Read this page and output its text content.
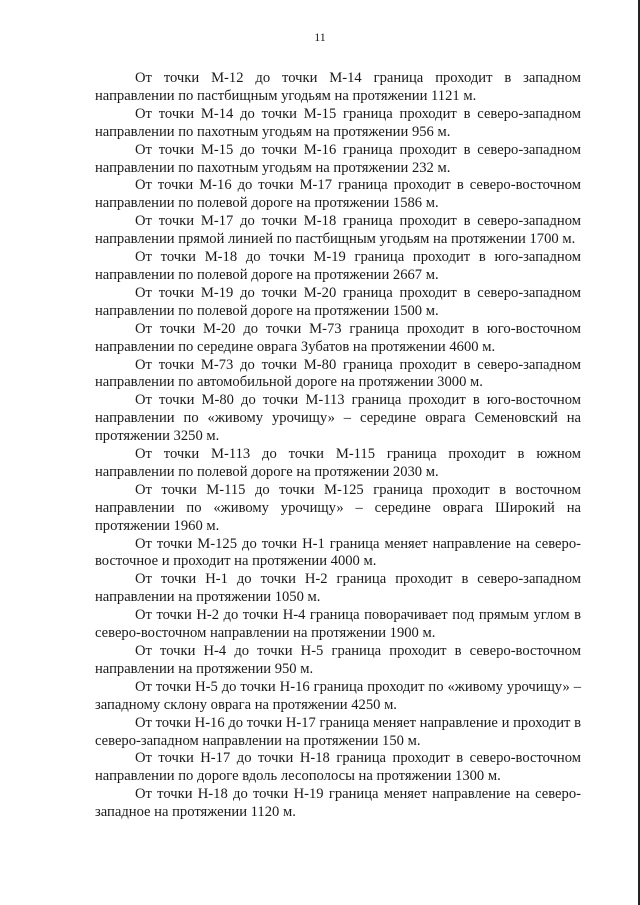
11

От точки М-12 до точки М-14 граница проходит в западном направлении по пастбищным угодьям на протяжении 1121 м.

От точки М-14 до точки М-15 граница проходит в северо-западном направлении по пахотным угодьям на протяжении 956 м.

От точки М-15 до точки М-16 граница проходит в северо-западном направлении по пахотным угодьям на протяжении 232 м.

От точки М-16 до точки М-17 граница проходит в северо-восточном направлении по полевой дороге на протяжении 1586 м.

От точки М-17 до точки М-18 граница проходит в северо-западном направлении прямой линией по пастбищным угодьям на протяжении 1700 м.

От точки М-18 до точки М-19 граница проходит в юго-западном направлении по полевой дороге на протяжении 2667 м.

От точки М-19 до точки М-20 граница проходит в северо-западном направлении по полевой дороге на протяжении 1500 м.

От точки М-20 до точки М-73 граница проходит в юго-восточном направлении по середине оврага Зубатов на протяжении 4600 м.

От точки М-73 до точки М-80 граница проходит в северо-западном направлении по автомобильной дороге на протяжении 3000 м.

От точки М-80 до точки М-113 граница проходит в юго-восточном направлении по «живому урочищу» – середине оврага Семеновский на протяжении 3250 м.

От точки М-113 до точки М-115 граница проходит в южном направлении по полевой дороге на протяжении 2030 м.

От точки М-115 до точки М-125 граница проходит в восточном направлении по «живому урочищу» – середине оврага Широкий на протяжении 1960 м.

От точки М-125 до точки Н-1 граница меняет направление на северо-восточное и проходит на протяжении 4000 м.

От точки Н-1 до точки Н-2 граница проходит в северо-западном направлении на протяжении 1050 м.

От точки Н-2 до точки Н-4 граница поворачивает под прямым углом в северо-восточном направлении на протяжении 1900 м.

От точки Н-4 до точки Н-5 граница проходит в северо-восточном направлении на протяжении 950 м.

От точки Н-5 до точки Н-16 граница проходит по «живому урочищу» – западному склону оврага на протяжении 4250 м.

От точки Н-16 до точки Н-17 граница меняет направление и проходит в северо-западном направлении на протяжении 150 м.

От точки Н-17 до точки Н-18 граница проходит в северо-восточном направлении по дороге вдоль лесополосы на протяжении 1300 м.

От точки Н-18 до точки Н-19 граница меняет направление на северо-западное на протяжении 1120 м.
